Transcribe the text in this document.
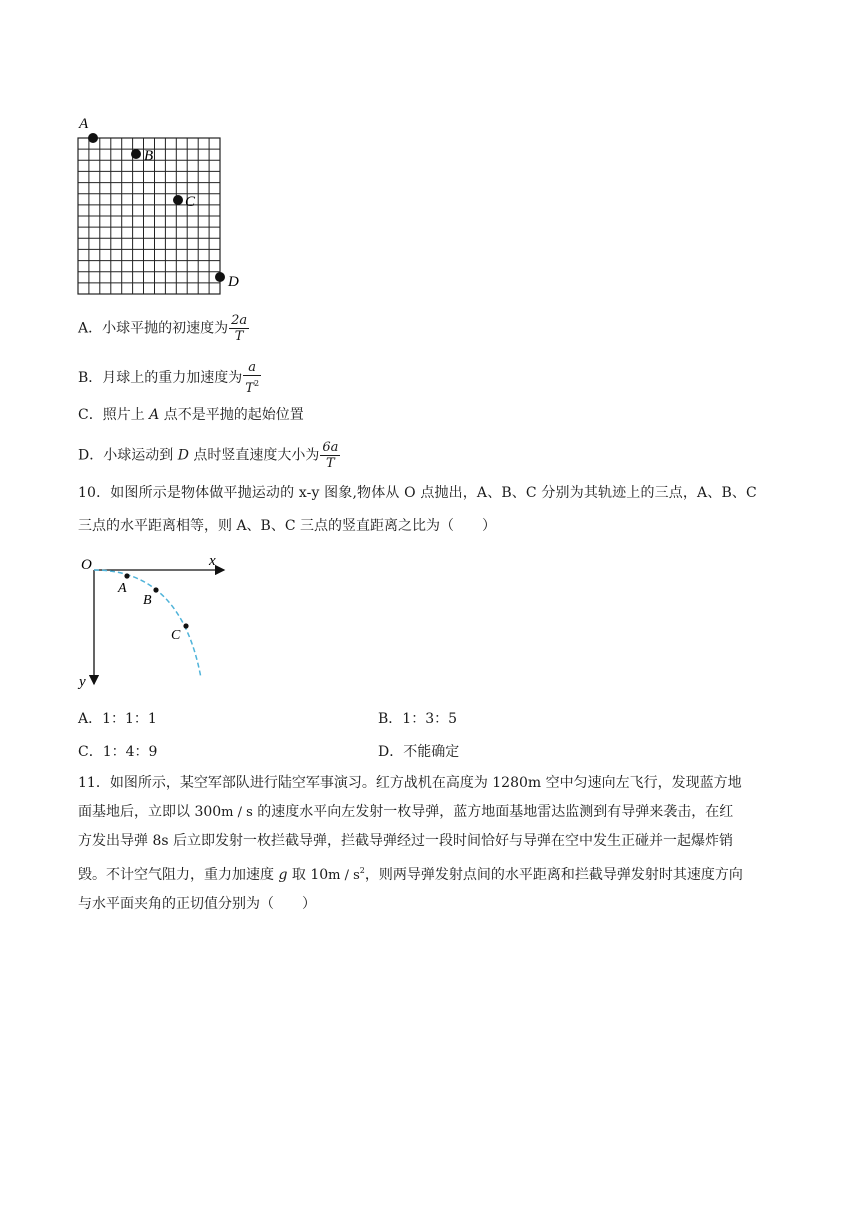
A
B
C
D
A．小球平抛的初速度为 $\frac{2a}{T}$
B．月球上的重力加速度为 $\frac{a}{T^2}$
C．照片上 A 点不是平抛的起始位置
D．小球运动到 D 点时竖直速度大小为 $\frac{6a}{T}$
10．如图所示是物体做平抛运动的 x-y 图象,物体从 O 点抛出，A、B、C 分别为其轨迹上的三点，A、B、C
三点的水平距离相等，则 A、B、C 三点的竖直距离之比为（　　）
O	x
y
A
B
C
A．1：1：1	B．1：3：5
C．1：4：9	D．不能确定
11．如图所示，某空军部队进行陆空军事演习。红方战机在高度为 1280m 空中匀速向左飞行，发现蓝方地
面基地后，立即以 300m / s 的速度水平向左发射一枚导弹，蓝方地面基地雷达监测到有导弹来袭击，在红
方发出导弹 8s 后立即发射一枚拦截导弹，拦截导弹经过一段时间恰好与导弹在空中发生正碰并一起爆炸销
毁。不计空气阻力，重力加速度 g 取 $10m / s^2$，则两导弹发射点间的水平距离和拦截导弹发射时其速度方向
与水平面夹角的正切值分别为（　　）
